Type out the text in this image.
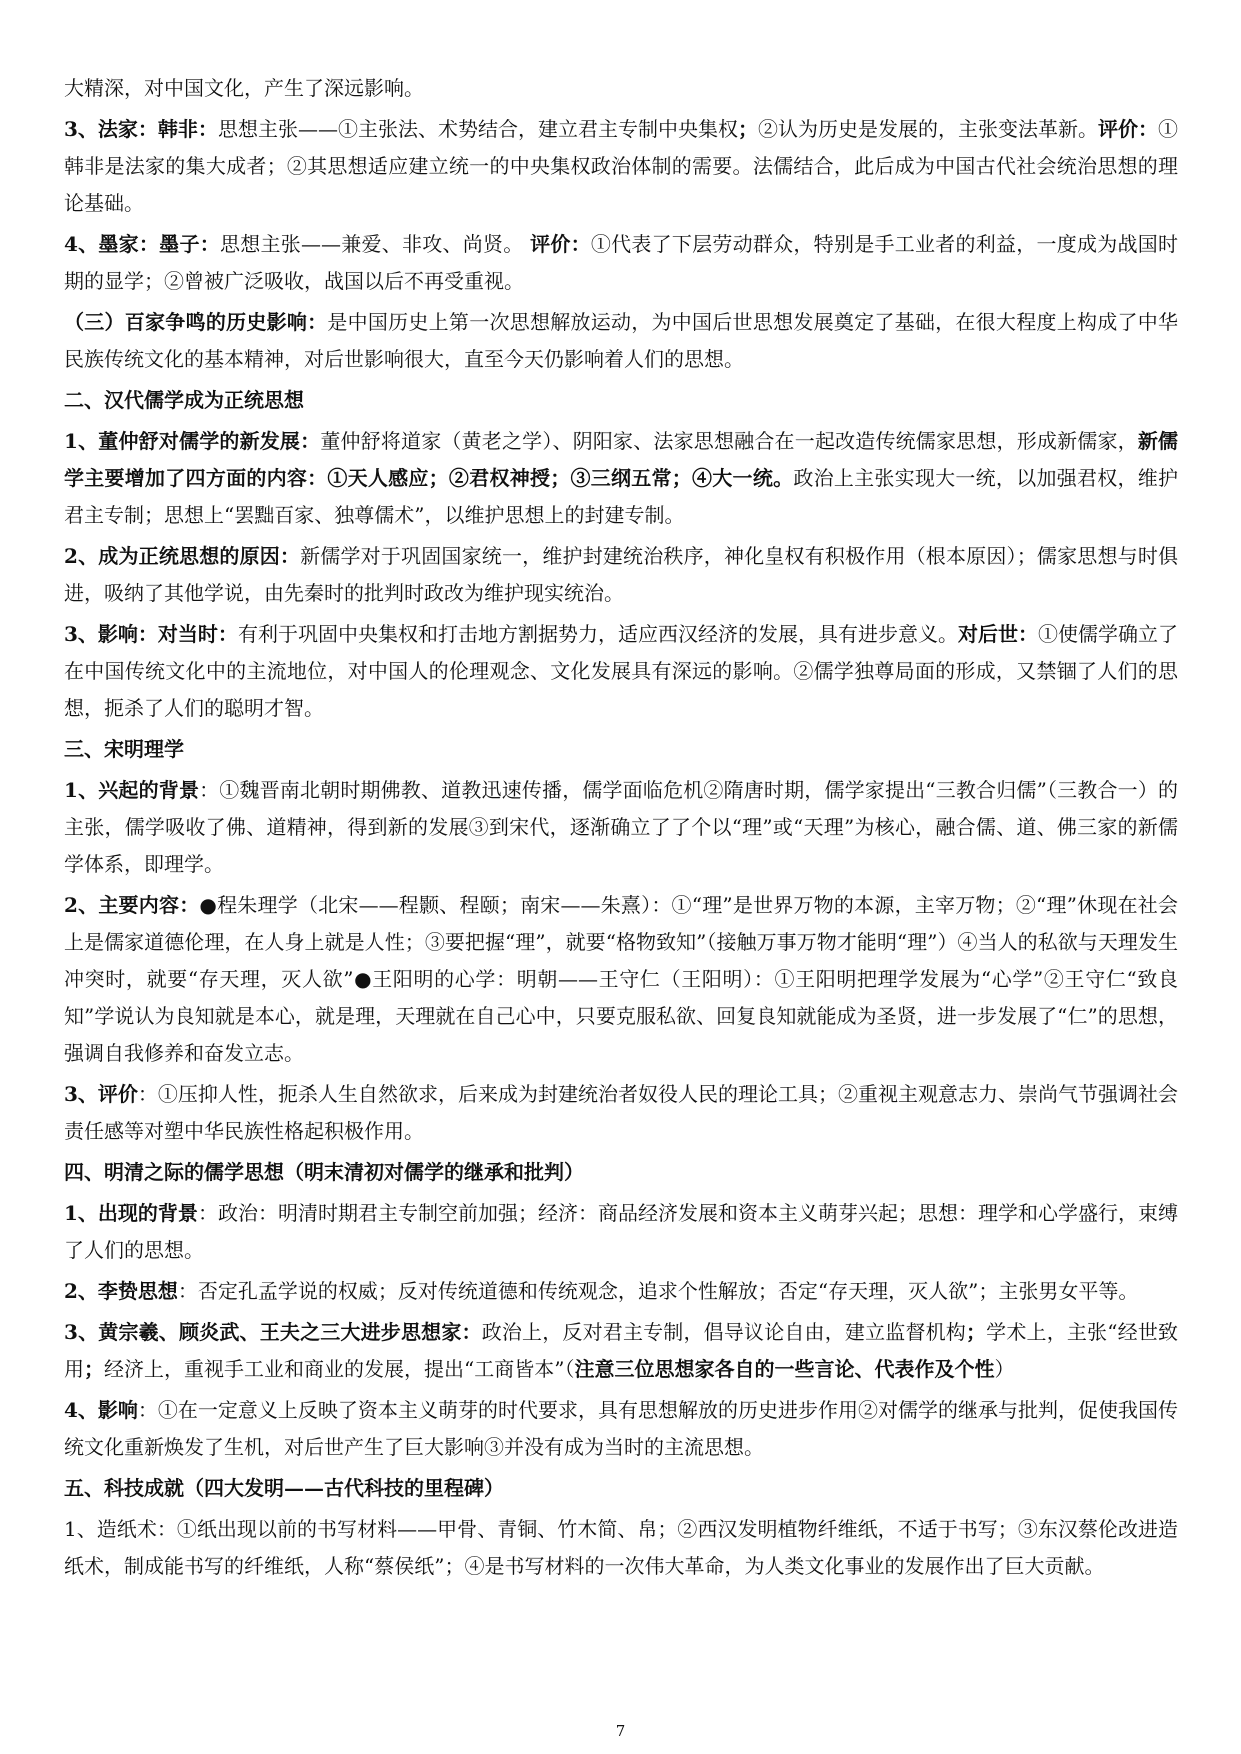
大精深，对中国文化，产生了深远影响。

3、法家：韩非：思想主张——①主张法、术势结合，建立君主专制中央集权；②认为历史是发展的，主张变法革新。评价：①韩非是法家的集大成者；②其思想适应建立统一的中央集权政治体制的需要。法儒结合，此后成为中国古代社会统治思想的理论基础。

4、墨家：墨子：思想主张——兼爱、非攻、尚贤。 评价：①代表了下层劳动群众，特别是手工业者的利益，一度成为战国时期的显学；②曾被广泛吸收，战国以后不再受重视。

（三）百家争鸣的历史影响：是中国历史上第一次思想解放运动，为中国后世思想发展奠定了基础，在很大程度上构成了中华民族传统文化的基本精神，对后世影响很大，直至今天仍影响着人们的思想。

二、汉代儒学成为正统思想

1、董仲舒对儒学的新发展：董仲舒将道家（黄老之学）、阴阳家、法家思想融合在一起改造传统儒家思想，形成新儒家，新儒学主要增加了四方面的内容：①天人感应；②君权神授；③三纲五常；④大一统。政治上主张实现大一统，以加强君权，维护君主专制；思想上“罢黜百家、独尊儒术”，以维护思想上的封建专制。

2、成为正统思想的原因：新儒学对于巩固国家统一，维护封建统治秩序，神化皇权有积极作用（根本原因）；儒家思想与时俱进，吸纳了其他学说，由先秦时的批判时政改为维护现实统治。

3、影响：对当时：有利于巩固中央集权和打击地方割据势力，适应西汉经济的发展，具有进步意义。对后世：①使儒学确立了在中国传统文化中的主流地位，对中国人的伦理观念、文化发展具有深远的影响。②儒学独尊局面的形成，又禁锢了人们的思想，扼杀了人们的聪明才智。

三、宋明理学

1、兴起的背景：①魏晋南北朝时期佛教、道教迅速传播，儒学面临危机②隋唐时期，儒学家提出“三教合归儒”（三教合一）的主张，儒学吸收了佛、道精神，得到新的发展③到宋代，逐渐确立了了个以“理”或“天理”为核心，融合儒、道、佛三家的新儒学体系，即理学。

2、主要内容：●程朱理学（北宋——程颢、程颐；南宋——朱熹）：①“理”是世界万物的本源，主宰万物；②“理”休现在社会上是儒家道德伦理，在人身上就是人性；③要把握“理”，就要“格物致知”（接触万事万物才能明“理”）④当人的私欲与天理发生冲突时，就要“存天理，灭人欲”●王阳明的心学：明朝——王守仁（王阳明）：①王阳明把理学发展为“心学”②王守仁“致良知”学说认为良知就是本心，就是理，天理就在自己心中，只要克服私欲、回复良知就能成为圣贤，进一步发展了“仁”的思想，强调自我修养和奋发立志。

3、评价：①压抑人性，扼杀人生自然欲求，后来成为封建统治者奴役人民的理论工具；②重视主观意志力、崇尚气节强调社会责任感等对塑中华民族性格起积极作用。

四、明清之际的儒学思想（明末清初对儒学的继承和批判）

1、出现的背景：政治：明清时期君主专制空前加强；经济：商品经济发展和资本主义萌芽兴起；思想：理学和心学盛行，束缚了人们的思想。

2、李贽思想：否定孔孟学说的权威；反对传统道德和传统观念，追求个性解放；否定“存天理，灭人欲”；主张男女平等。

3、黄宗羲、顾炎武、王夫之三大进步思想家：政治上，反对君主专制，倡导议论自由，建立监督机构；学术上，主张“经世致用；经济上，重视手工业和商业的发展，提出“工商皆本”（注意三位思想家各自的一些言论、代表作及个性）

4、影响：①在一定意义上反映了资本主义萌芽的时代要求，具有思想解放的历史进步作用②对儒学的继承与批判，促使我国传统文化重新焕发了生机，对后世产生了巨大影响③并没有成为当时的主流思想。

五、科技成就（四大发明——古代科技的里程碑）

1、造纸术：①纸出现以前的书写材料——甲骨、青铜、竹木简、帛；②西汉发明植物纤维纸，不适于书写；③东汉蔡伦改进造纸术，制成能书写的纤维纸，人称“蔡侯纸”；④是书写材料的一次伟大革命，为人类文化事业的发展作出了巨大贡献。

7
